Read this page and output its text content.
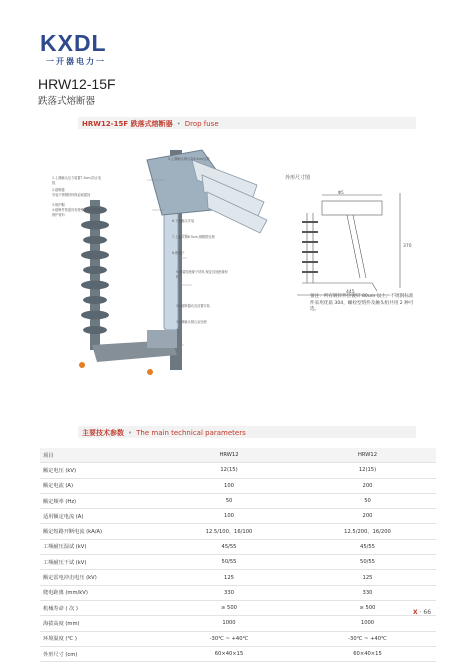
KXDL
一开器电力一
HRW12-15F
跌落式熔断器
HRW12-15F 跌落式熔断器 • Drop fuse
1.上静触头压力装置7.5cm,防止电弧
2.熔断器
安装不锈钢材料保证耐腐蚀
3.保护帽
4.熔断件管道具有特殊高分子绝缘保护材料
5.上静触头铜合金6.5cm压紧
6.下静触头安装
7.上触头铜6.5cm,铜镀银处理
8.绝缘子
9.耐腐蚀绝缘子材料,保证其他绝缘材料
10.熔断器动态设置安装
11.静触头铜合金处理
外形尺寸图
Φ5
445
370
备注：所有镀锌件热镀锌 80um 以上，不锈钢标准件采用优质 304，螺栓型熔件及触头组共用 2 种可选。
主要技术参数 • The main technical parameters
项目	HRW12	HRW12
额定电压 (kV)	12(15)	12(15)
额定电流 (A)	100	200
额定频率 (Hz)	50	50
适用额定电流 (A)	100	200
额定短路开断电流 (kA/A)	12.5/100、16/100	12.5/200、16/200
工频耐压湿试 (kV)	45/55	45/55
工频耐压干试 (kV)	50/55	50/55
额定雷电冲击电压 (kV)	125	125
爬电距离 (mm/kV)	330	330
机械寿命 ( 次 )	≥ 500	≥ 500
海拔高度 (mm)	1000	1000
环境温度 (℃ )	-30℃ ~ +40℃	-30℃ ~ +40℃
外形尺寸 (cm)	60×40×15	60×40×15
X · 66
